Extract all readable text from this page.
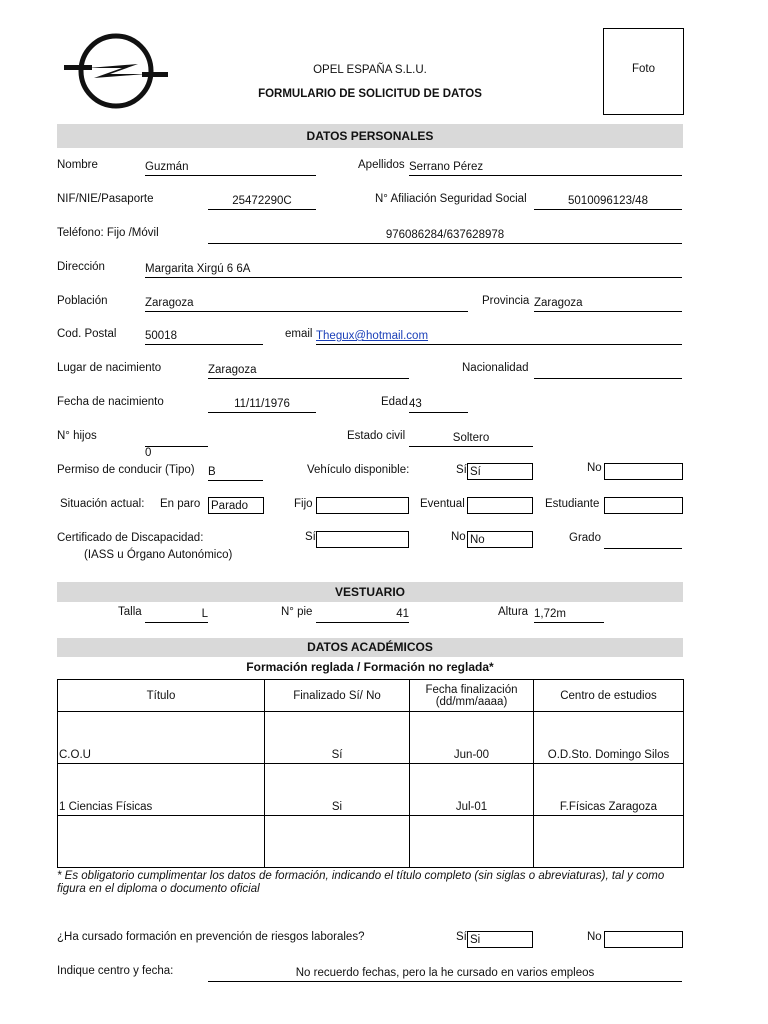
OPEL ESPAÑA S.L.U.
FORMULARIO DE SOLICITUD DE DATOS
Foto
DATOS PERSONALES
Nombre	Guzmán	Apellidos Serrano Pérez
NIF/NIE/Pasaporte	25472290C	N° Afiliación Seguridad Social	5010096123/48
Teléfono: Fijo /Móvil	976086284/637628978
Dirección	Margarita Xirgú 6 6A
Población	Zaragoza	Provincia Zaragoza
Cod. Postal 50018	email Thegux@hotmail.com
Lugar de nacimiento	Zaragoza	Nacionalidad
Fecha de nacimiento	11/11/1976	Edad 43
N° hijos
0
Estado civil	Soltero
Permiso de conducir (Tipo) B	Vehículo disponible:	Sí Sí	No
Situación actual: En paro Parado	Fijo	Eventual	Estudiante
Certificado de Discapacidad:
(IASS u Órgano Autonómico)
Sí	No No	Grado
VESTUARIO
Talla	L	N° pie	41	Altura 1,72m
DATOS ACADÉMICOS
Formación reglada / Formación no reglada*
Título	Finalizado Sí/ No	Fecha finalización (dd/mm/aaaa)	Centro de estudios
C.O.U	Sí	Jun-00	O.D.Sto. Domingo Silos
1 Ciencias Físicas	Si	Jul-01	F.Físicas Zaragoza

* Es obligatorio cumplimentar los datos de formación, indicando el título completo (sin siglas o abreviaturas), tal y como figura en el diploma o documento oficial
¿Ha cursado formación en prevención de riesgos laborales?	Sí Si	No
Indique centro y fecha:	No recuerdo fechas, pero la he cursado en varios empleos
